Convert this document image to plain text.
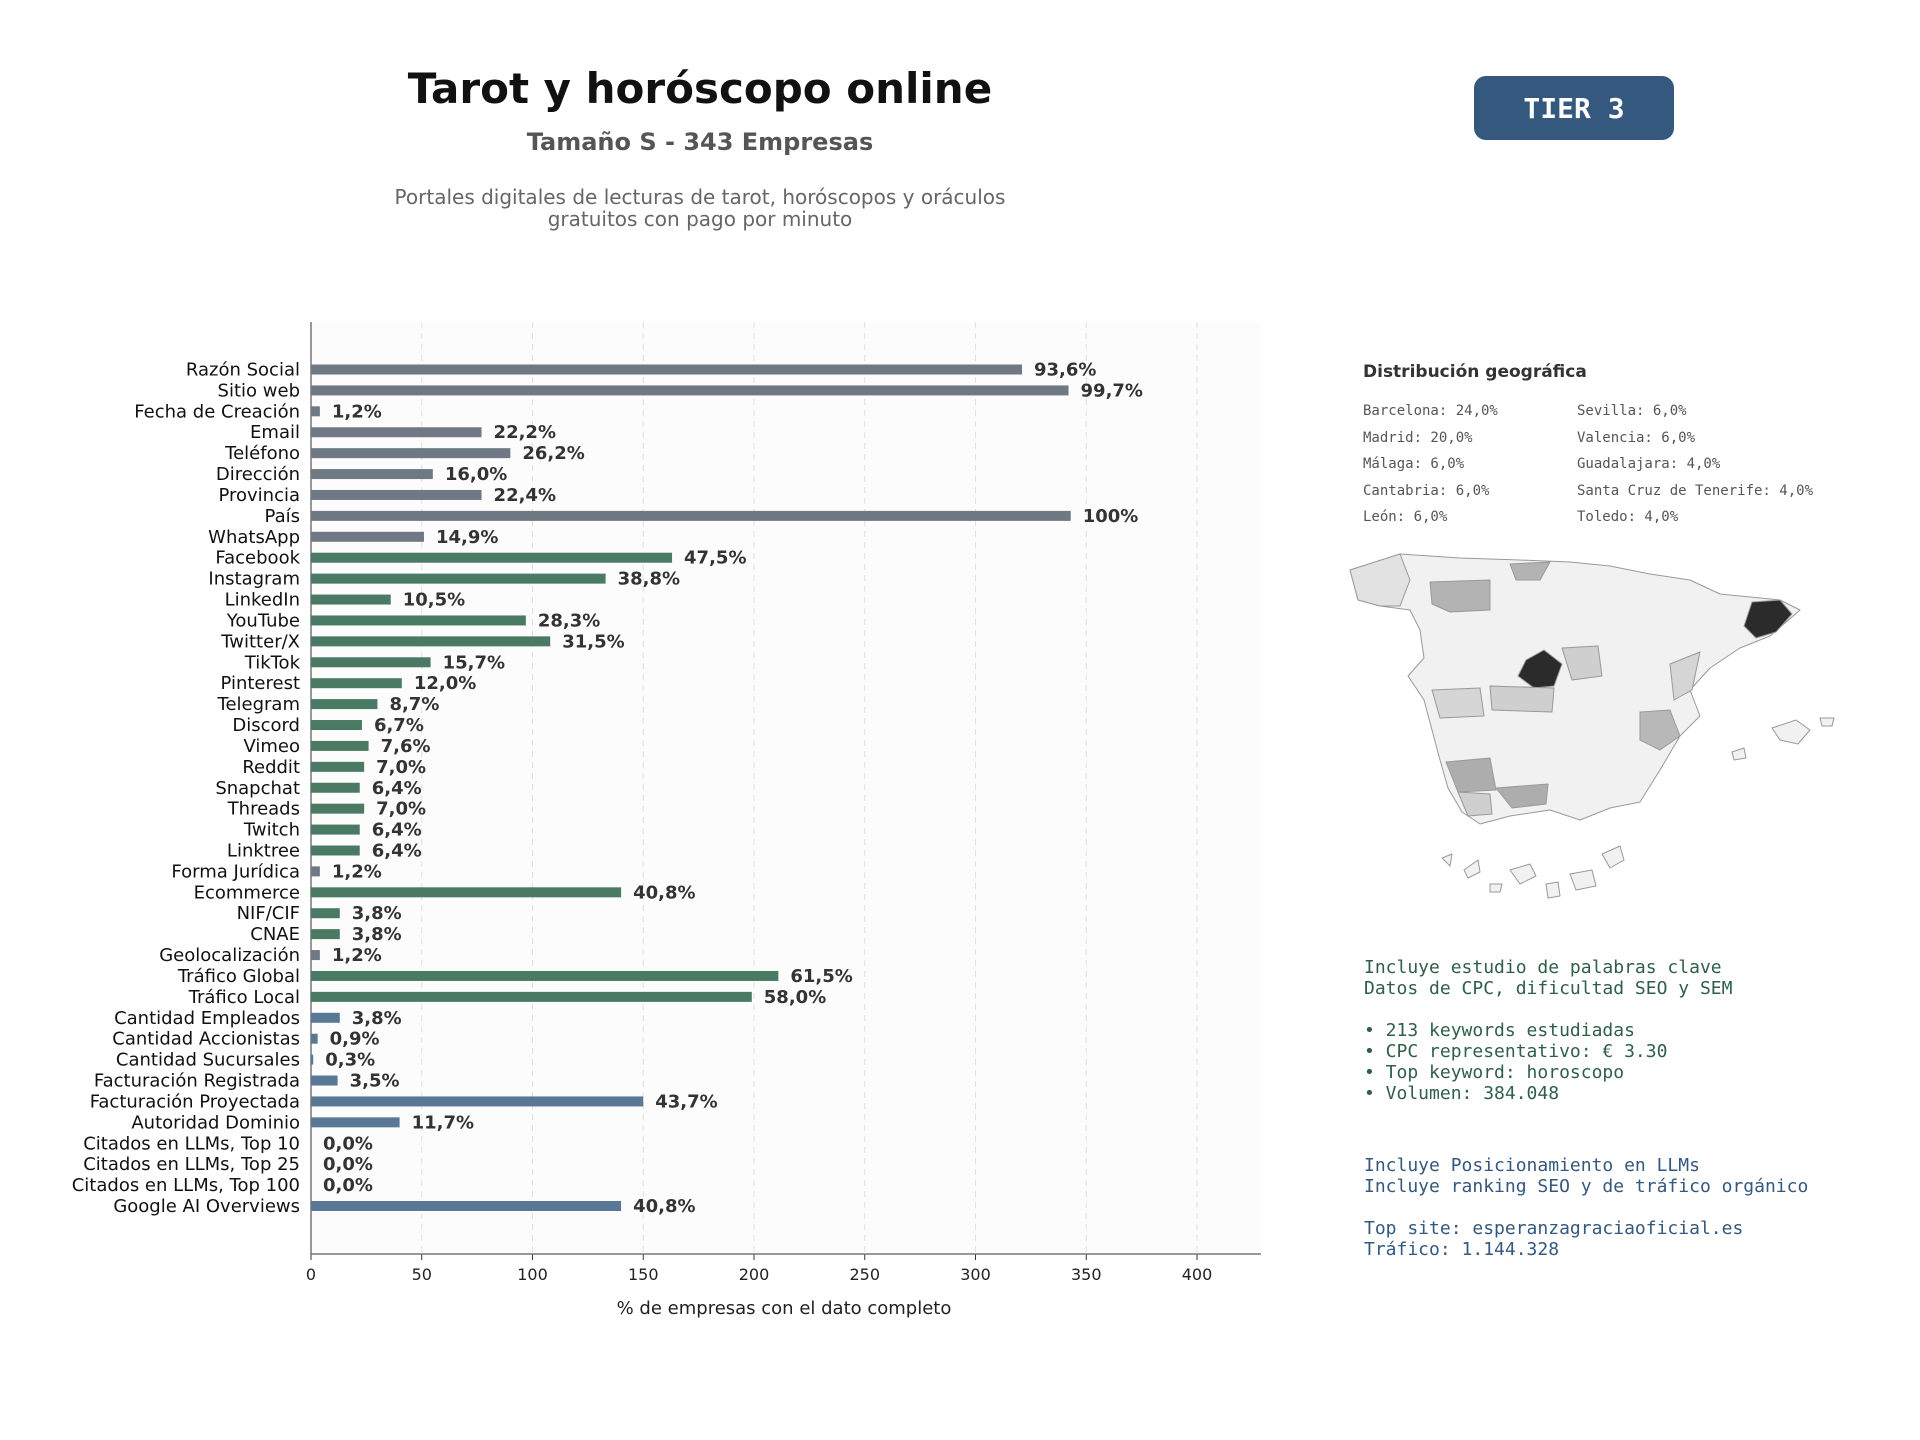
Tarot y horóscopo online
Tamaño S - 343 Empresas
Portales digitales de lecturas de tarot, horóscopos y oráculos
gratuitos con pago por minuto
TIER 3
0	50	100	150	200	250	300	350	400
% de empresas con el dato completo
Razón Social	93,6%
Sitio web	99,7%
Fecha de Creación 1,2%
Email	22,2%
Teléfono	26,2%
Dirección	16,0%
Provincia	22,4%
País	100%
WhatsApp	14,9%
Facebook	47,5%
Instagram	38,8%
LinkedIn	10,5%
YouTube	28,3%
Twitter/X	31,5%
TikTok	15,7%
Pinterest	12,0%
Telegram	8,7%
Discord	6,7%
Vimeo	7,6%
Reddit	7,0%
Snapchat	6,4%
Threads	7,0%
Twitch	6,4%
Linktree	6,4%
Forma Jurídica 1,2%
Ecommerce	40,8%
NIF/CIF	3,8%
CNAE	3,8%
Geolocalización 1,2%
Tráfico Global	61,5%
Tráfico Local	58,0%
Cantidad Empleados	3,8%
Cantidad Accionistas 0,9%
Cantidad Sucursales 0,3%
Facturación Registrada	3,5%
Facturación Proyectada	43,7%
Autoridad Dominio	11,7%
Citados en LLMs, Top 10 0,0%
Citados en LLMs, Top 25 0,0%
Citados en LLMs, Top 100 0,0%
Google AI Overviews	40,8%
Distribución geográfica
Barcelona: 24,0%	Sevilla: 6,0%
Madrid: 20,0%	Valencia: 6,0%
Málaga: 6,0%	Guadalajara: 4,0%
Cantabria: 6,0%	Santa Cruz de Tenerife: 4,0%
León: 6,0%	Toledo: 4,0%
Incluye estudio de palabras clave
Datos de CPC, dificultad SEO y SEM
• 213 keywords estudiadas
• CPC representativo: € 3.30
• Top keyword: horoscopo
• Volumen: 384.048
Incluye Posicionamiento en LLMs
Incluye ranking SEO y de tráfico orgánico
Top site: esperanzagraciaoficial.es
Tráfico: 1.144.328
